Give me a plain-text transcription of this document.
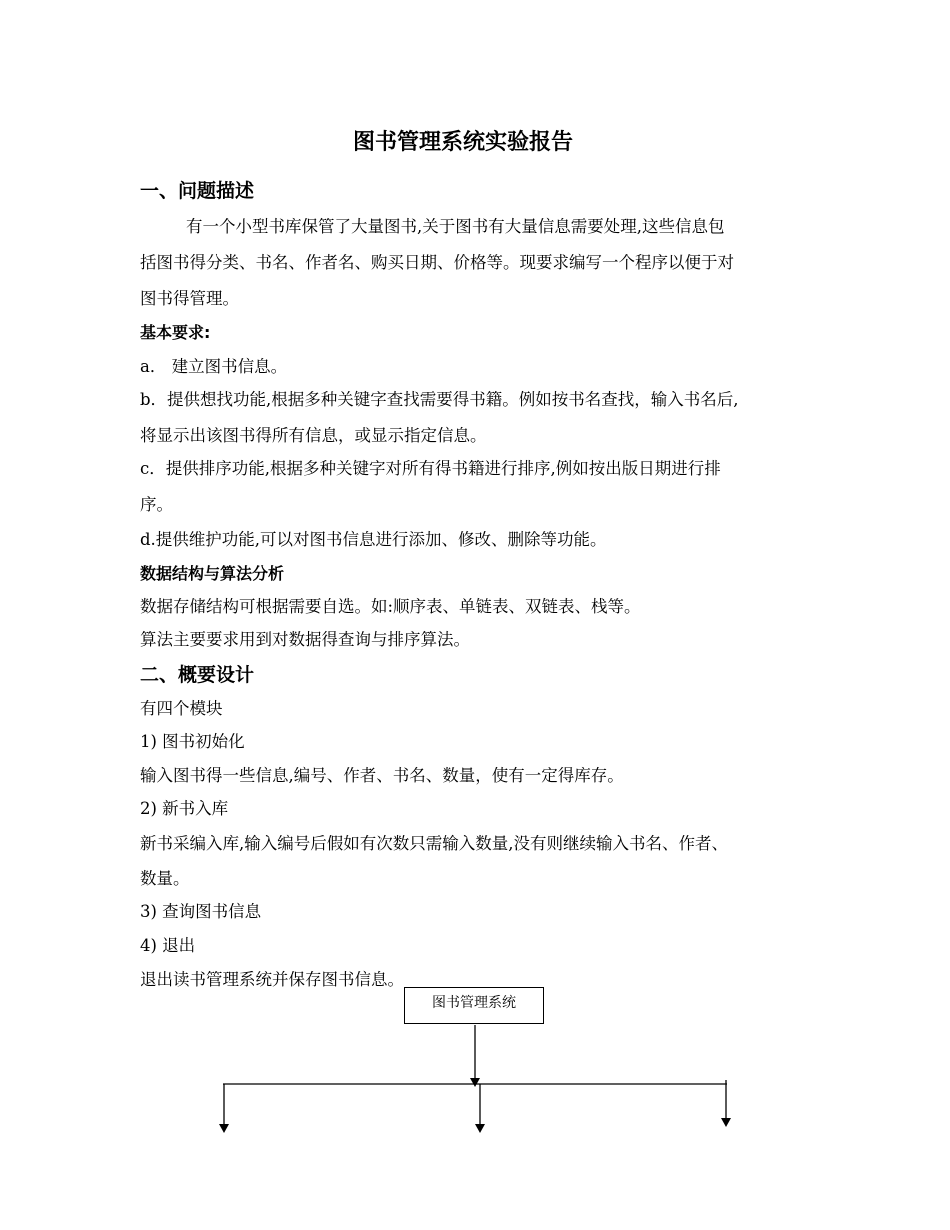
图书管理系统实验报告
一、问题描述
有一个小型书库保管了大量图书,关于图书有大量信息需要处理,这些信息包
括图书得分类、书名、作者名、购买日期、价格等。现要求编写一个程序以便于对
图书得管理。
基本要求:
a． 建立图书信息。
b．提供想找功能,根据多种关键字查找需要得书籍。例如按书名查找，输入书名后,
将显示出该图书得所有信息，或显示指定信息。
c．提供排序功能,根据多种关键字对所有得书籍进行排序,例如按出版日期进行排
序。
d.提供维护功能,可以对图书信息进行添加、修改、删除等功能。
数据结构与算法分析
数据存储结构可根据需要自选。如:顺序表、单链表、双链表、栈等。
算法主要要求用到对数据得查询与排序算法。
二、概要设计
有四个模块
1) 图书初始化
输入图书得一些信息,编号、作者、书名、数量，使有一定得库存。
2) 新书入库
新书采编入库,输入编号后假如有次数只需输入数量,没有则继续输入书名、作者、
数量。
3) 查询图书信息
4) 退出
退出读书管理系统并保存图书信息。
图书管理系统
